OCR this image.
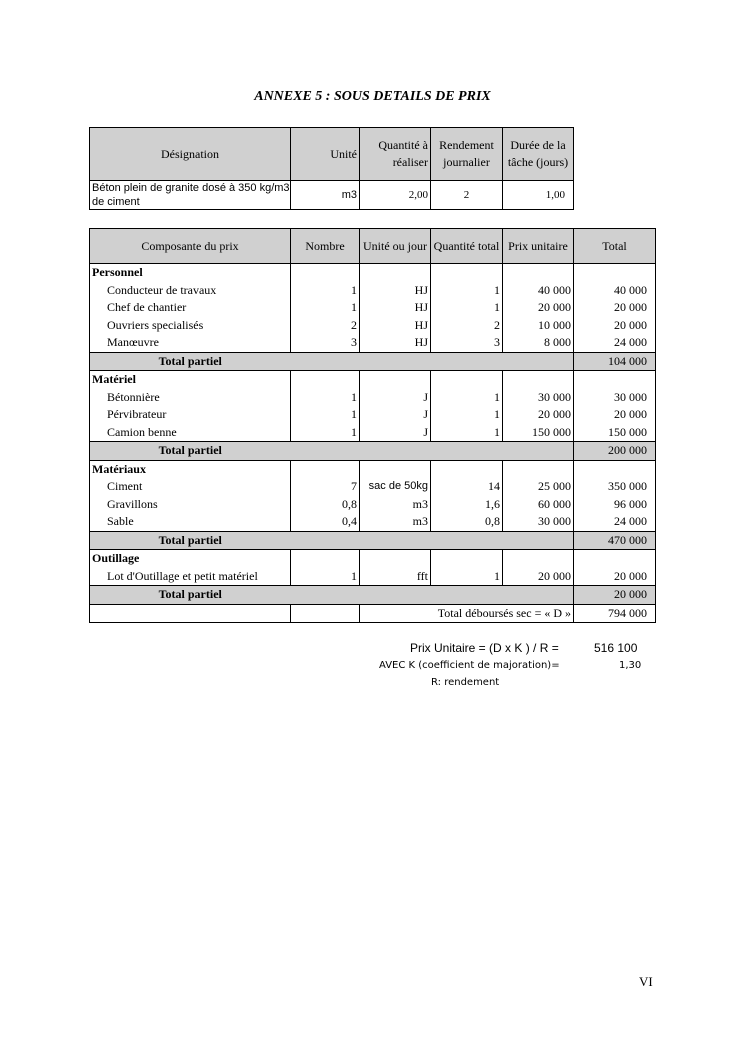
ANNEXE 5 : SOUS DETAILS DE PRIX
Désignation	Unité	Quantité à réaliser	Rendement journalier	Durée de la tâche (jours)
Béton plein de granite dosé à 350 kg/m3 de ciment	m3	2,00	2	1,00
Composante du prix	Nombre	Unité ou jour	Quantité total	Prix unitaire	Total
Personnel					
Conducteur de travaux	1	HJ	1	40 000	40 000
Chef de chantier	1	HJ	1	20 000	20 000
Ouvriers specialisés	2	HJ	2	10 000	20 000
Manœuvre	3	HJ	3	8 000	24 000
Total partiel					104 000
Matériel					
Bétonnière	1	J	1	30 000	30 000
Pérvibrateur	1	J	1	20 000	20 000
Camion benne	1	J	1	150 000	150 000
Total partiel					200 000
Matériaux					
Ciment	7	sac de 50kg	14	25 000	350 000
Gravillons	0,8	m3	1,6	60 000	96 000
Sable	0,4	m3	0,8	30 000	24 000
Total partiel					470 000
Outillage					
Lot d'Outillage et petit matériel	1	fft	1	20 000	20 000
Total partiel					20 000
		Total déboursés sec = « D »			794 000
Prix Unitaire = (D x K ) / R =	516 100
AVEC K (coefficient de majoration)=	1,30
R: rendement
VI
